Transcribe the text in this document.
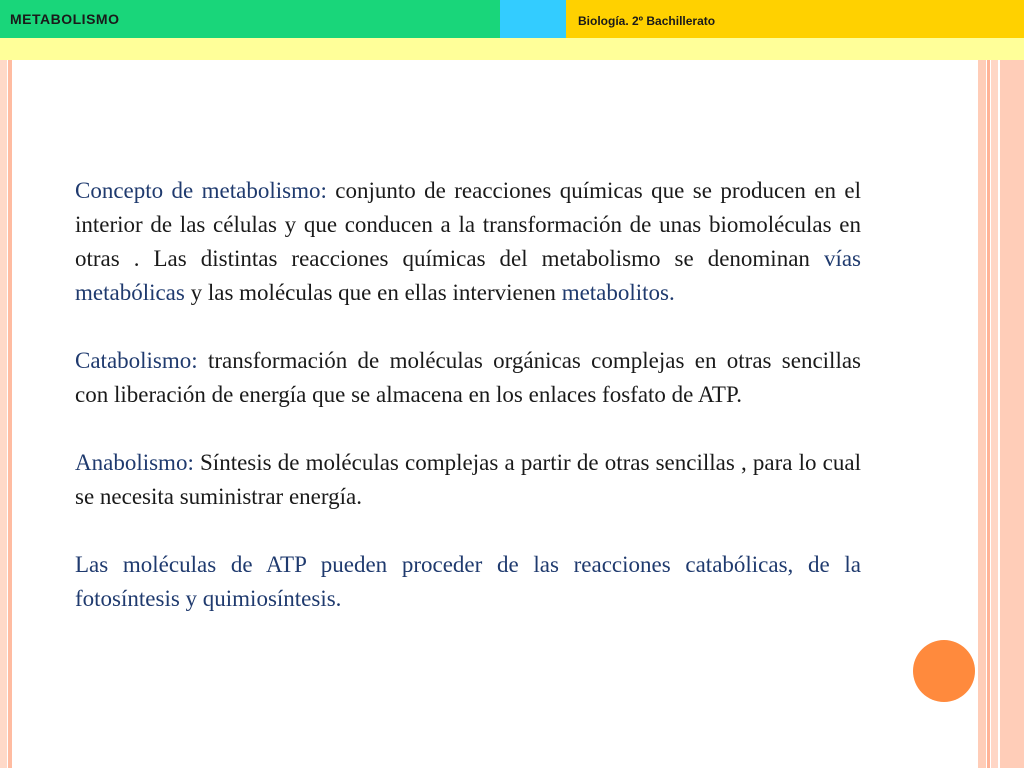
METABOLISMO	Biología. 2º Bachillerato

Concepto de metabolismo: conjunto de reacciones químicas que se producen en el interior de las células y que conducen a la transformación de unas biomoléculas en otras . Las distintas reacciones químicas del metabolismo se denominan vías metabólicas y las moléculas que en ellas intervienen metabolitos.

Catabolismo: transformación de moléculas orgánicas complejas en otras sencillas con liberación de energía que se almacena en los enlaces fosfato de ATP.

Anabolismo: Síntesis de moléculas complejas a partir de otras sencillas , para lo cual se necesita suministrar energía.

Las moléculas de ATP pueden proceder de las reacciones catabólicas, de la fotosíntesis y quimiosíntesis.
